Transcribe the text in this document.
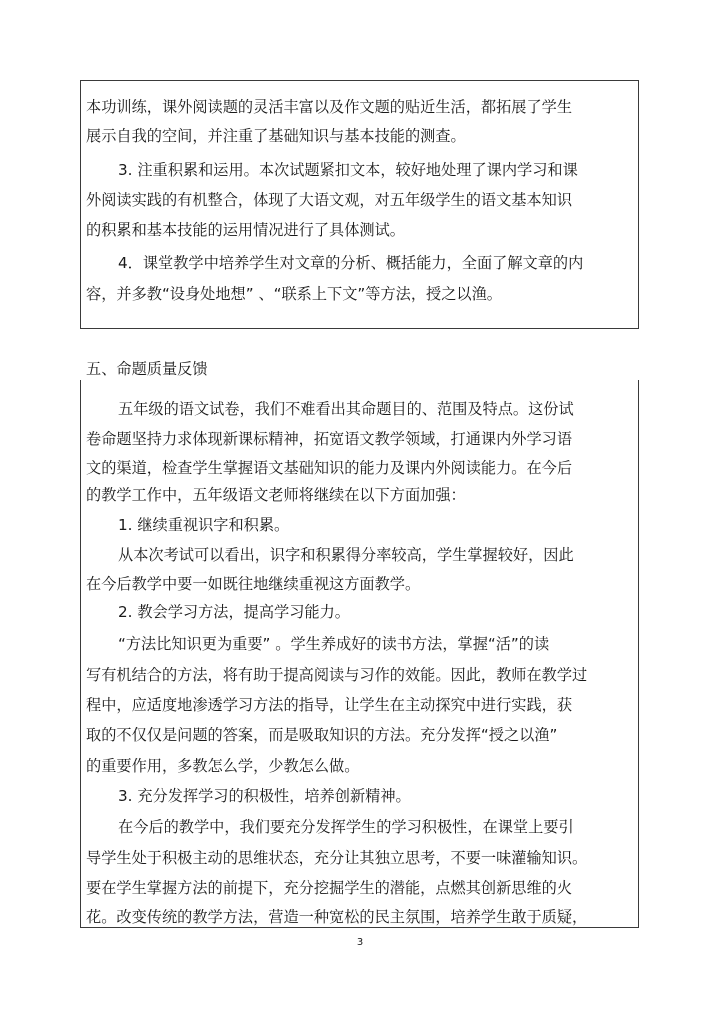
本功训练，课外阅读题的灵活丰富以及作文题的贴近生活，都拓展了学生

展示自我的空间，并注重了基础知识与基本技能的测查。

3. 注重积累和运用。本次试题紧扣文本，较好地处理了课内学习和课

外阅读实践的有机整合，体现了大语文观，对五年级学生的语文基本知识

的积累和基本技能的运用情况进行了具体测试。

4．课堂教学中培养学生对文章的分析、概括能力，全面了解文章的内

容，并多教“设身处地想” 、“联系上下文”等方法，授之以渔。

五、命题质量反馈

五年级的语文试卷，我们不难看出其命题目的、范围及特点。这份试

卷命题坚持力求体现新课标精神，拓宽语文教学领域，打通课内外学习语

文的渠道，检查学生掌握语文基础知识的能力及课内外阅读能力。在今后

的教学工作中，五年级语文老师将继续在以下方面加强：

1. 继续重视识字和积累。

从本次考试可以看出，识字和积累得分率较高，学生掌握较好，因此

在今后教学中要一如既往地继续重视这方面教学。

2. 教会学习方法，提高学习能力。

“方法比知识更为重要” 。学生养成好的读书方法，掌握“活”的读

写有机结合的方法，将有助于提高阅读与习作的效能。因此，教师在教学过

程中，应适度地渗透学习方法的指导，让学生在主动探究中进行实践，获

取的不仅仅是问题的答案，而是吸取知识的方法。充分发挥“授之以渔”

的重要作用，多教怎么学，少教怎么做。

3. 充分发挥学习的积极性，培养创新精神。

在今后的教学中，我们要充分发挥学生的学习积极性，在课堂上要引

导学生处于积极主动的思维状态，充分让其独立思考，不要一味灌输知识。

要在学生掌握方法的前提下，充分挖掘学生的潜能，点燃其创新思维的火

花。改变传统的教学方法，营造一种宽松的民主氛围，培养学生敢于质疑，

3
